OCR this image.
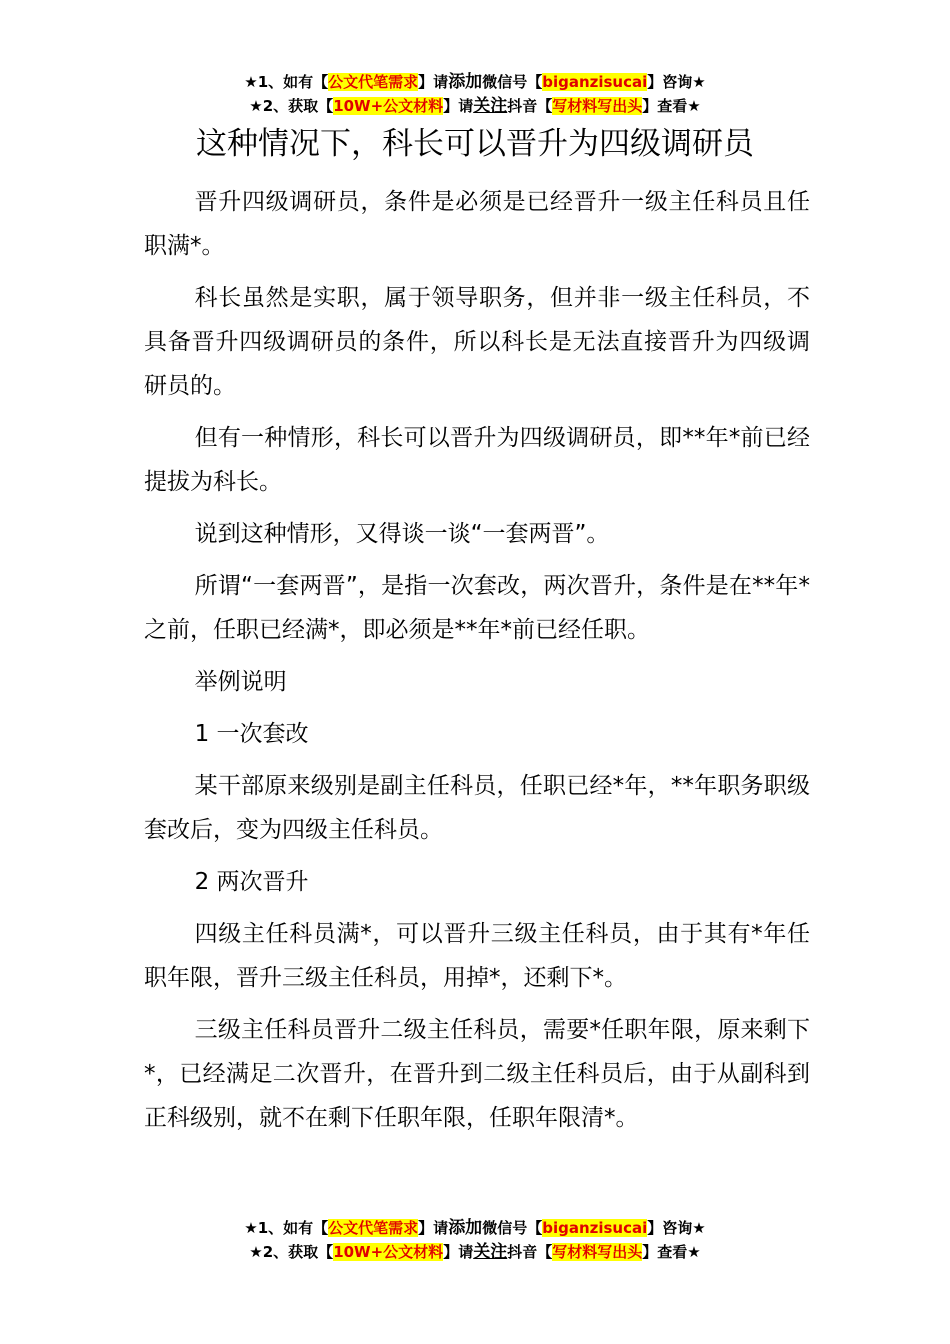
★1、如有【公文代笔需求】请添加微信号【biganzisucai】咨询★
★2、获取【10W+公文材料】请关注抖音【写材料写出头】查看★
这种情况下，科长可以晋升为四级调研员

晋升四级调研员，条件是必须是已经晋升一级主任科员且任职满*。

科长虽然是实职，属于领导职务，但并非一级主任科员，不具备晋升四级调研员的条件，所以科长是无法直接晋升为四级调研员的。

但有一种情形，科长可以晋升为四级调研员，即**年*前已经提拔为科长。

说到这种情形，又得谈一谈“一套两晋”。

所谓“一套两晋”，是指一次套改，两次晋升，条件是在**年*之前，任职已经满*，即必须是**年*前已经任职。

举例说明

1 一次套改

某干部原来级别是副主任科员，任职已经*年，**年职务职级套改后，变为四级主任科员。

2 两次晋升

四级主任科员满*，可以晋升三级主任科员，由于其有*年任职年限，晋升三级主任科员，用掉*，还剩下*。

三级主任科员晋升二级主任科员，需要*任职年限，原来剩下*，已经满足二次晋升，在晋升到二级主任科员后，由于从副科到正科级别，就不在剩下任职年限，任职年限清*。

★1、如有【公文代笔需求】请添加微信号【biganzisucai】咨询★
★2、获取【10W+公文材料】请关注抖音【写材料写出头】查看★
